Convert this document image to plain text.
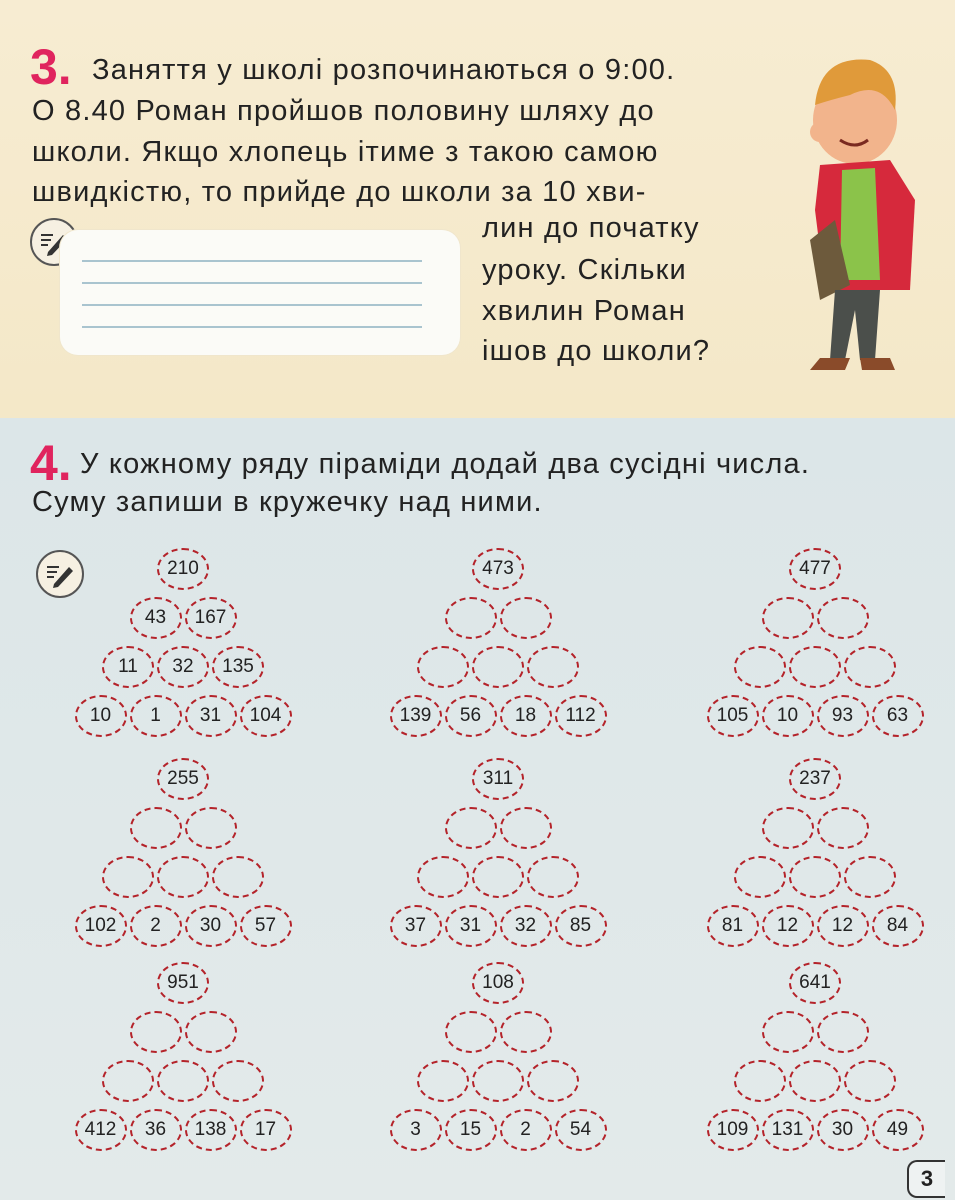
3. Заняття у школі розпочинаються о 9:00.
О 8.40 Роман пройшов половину шляху до
школи. Якщо хлопець ітиме з такою самою
швидкістю, то прийде до школи за 10 хви-
лин до початку
уроку. Скільки
хвилин Роман
ішов до школи?
4. У кожному ряду піраміди додай два сусідні числа.
Суму запиши в кружечку над ними.
10	1	31	104
11	32	135
43	167
210
139	56	18	112
473
105	10	93	63
477
102	2	30	57
255
37	31	32	85
311
81	12	12	84
237
412	36	138	17
951
3	15	2	54
108
109	131	30	49
641
3
